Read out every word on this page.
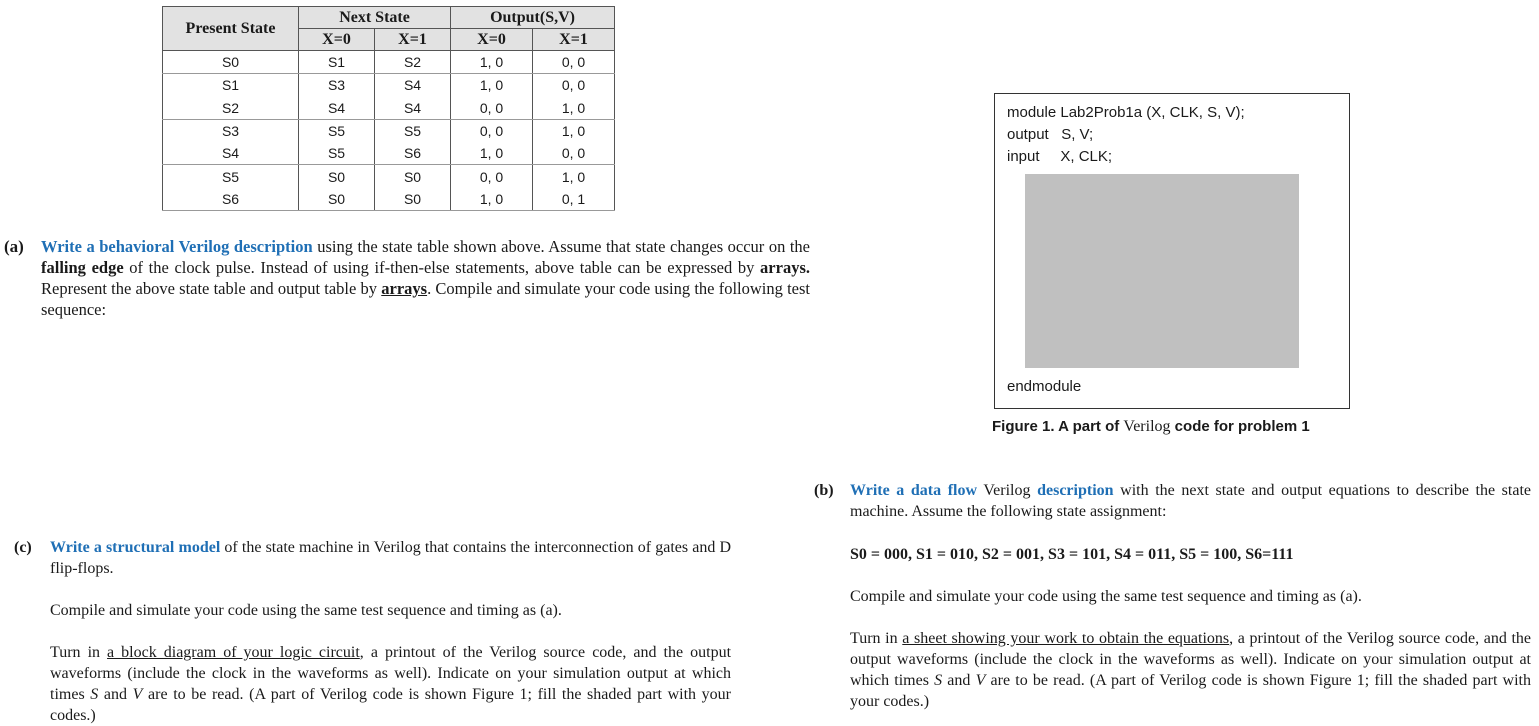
Present State	Next State		Output(S,V)	
	X=0	X=1	X=0	X=1
S0	S1	S2	1, 0	0, 0
S1	S3	S4	1, 0	0, 0
S2	S4	S4	0, 0	1, 0
S3	S5	S5	0, 0	1, 0
S4	S5	S6	1, 0	0, 0
S5	S0	S0	0, 0	1, 0
S6	S0	S0	1, 0	0, 1
(a)	Write a behavioral Verilog description using the state table shown above. Assume that state changes occur on the falling edge of the clock pulse. Instead of using if-then-else statements, above table can be expressed by arrays. Represent the above state table and output table by arrays. Compile and simulate your code using the following test sequence:
module Lab2Prob1a (X, CLK, S, V);
output   S, V;
input     X, CLK;
endmodule
Figure 1. A part of Verilog code for problem 1
(b) Write a data flow Verilog description with the next state and output equations to describe the state machine. Assume the following state assignment:
S0 = 000, S1 = 010, S2 = 001, S3 = 101, S4 = 011, S5 = 100, S6=111
Compile and simulate your code using the same test sequence and timing as (a).
Turn in a sheet showing your work to obtain the equations, a printout of the Verilog source code, and the output waveforms (include the clock in the waveforms as well). Indicate on your simulation output at which times S and V are to be read. (A part of Verilog code is shown Figure 1; fill the shaded part with your codes.)
(c) Write a structural model of the state machine in Verilog that contains the interconnection of gates and D flip-flops.
Compile and simulate your code using the same test sequence and timing as (a).
Turn in a block diagram of your logic circuit, a printout of the Verilog source code, and the output waveforms (include the clock in the waveforms as well). Indicate on your simulation output at which times S and V are to be read. (A part of Verilog code is shown Figure 1; fill the shaded part with your codes.)
